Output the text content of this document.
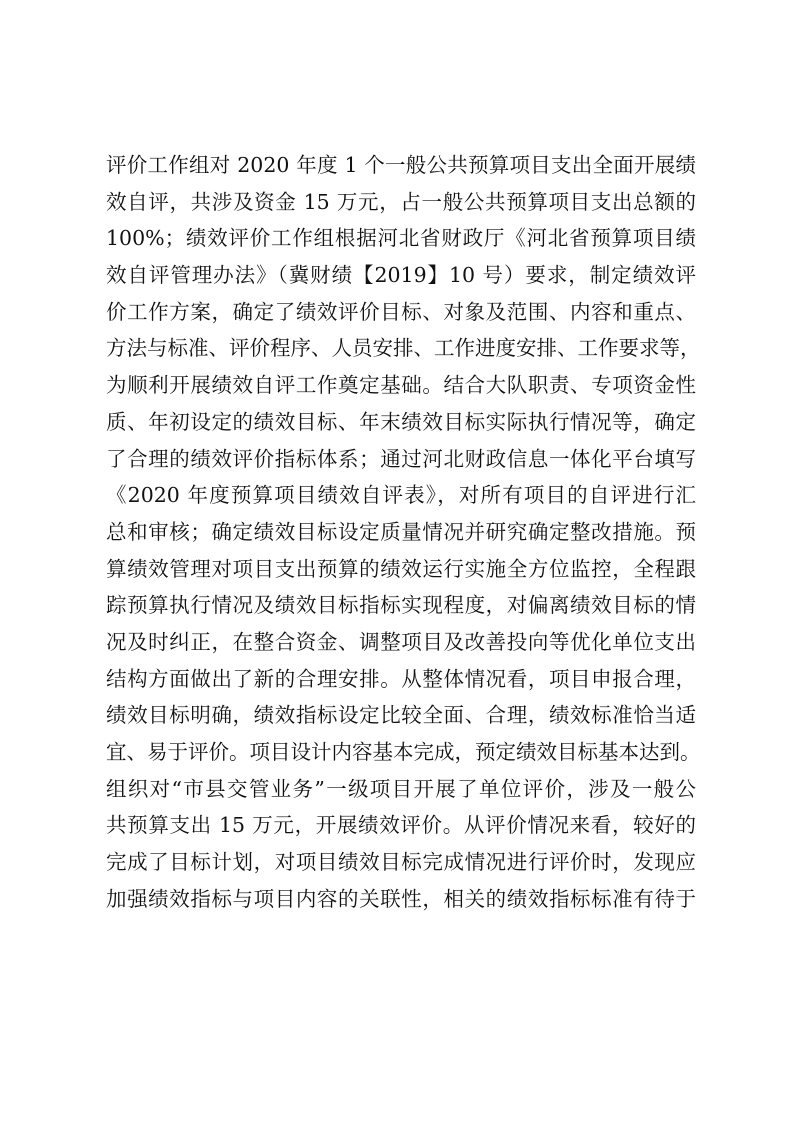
评价工作组对 2020 年度 1 个一般公共预算项目支出全面开展绩
效自评，共涉及资金 15 万元，占一般公共预算项目支出总额的
100%；绩效评价工作组根据河北省财政厅《河北省预算项目绩
效自评管理办法》（冀财绩【2019】10 号）要求，制定绩效评
价工作方案，确定了绩效评价目标、对象及范围、内容和重点、
方法与标准、评价程序、人员安排、工作进度安排、工作要求等，
为顺利开展绩效自评工作奠定基础。结合大队职责、专项资金性
质、年初设定的绩效目标、年末绩效目标实际执行情况等，确定
了合理的绩效评价指标体系；通过河北财政信息一体化平台填写
《2020 年度预算项目绩效自评表》，对所有项目的自评进行汇
总和审核；确定绩效目标设定质量情况并研究确定整改措施。预
算绩效管理对项目支出预算的绩效运行实施全方位监控，全程跟
踪预算执行情况及绩效目标指标实现程度，对偏离绩效目标的情
况及时纠正，在整合资金、调整项目及改善投向等优化单位支出
结构方面做出了新的合理安排。从整体情况看，项目申报合理，
绩效目标明确，绩效指标设定比较全面、合理，绩效标准恰当适
宜、易于评价。项目设计内容基本完成，预定绩效目标基本达到。
组织对“市县交管业务”一级项目开展了单位评价，涉及一般公
共预算支出 15 万元，开展绩效评价。从评价情况来看，较好的
完成了目标计划，对项目绩效目标完成情况进行评价时，发现应
加强绩效指标与项目内容的关联性，相关的绩效指标标准有待于
